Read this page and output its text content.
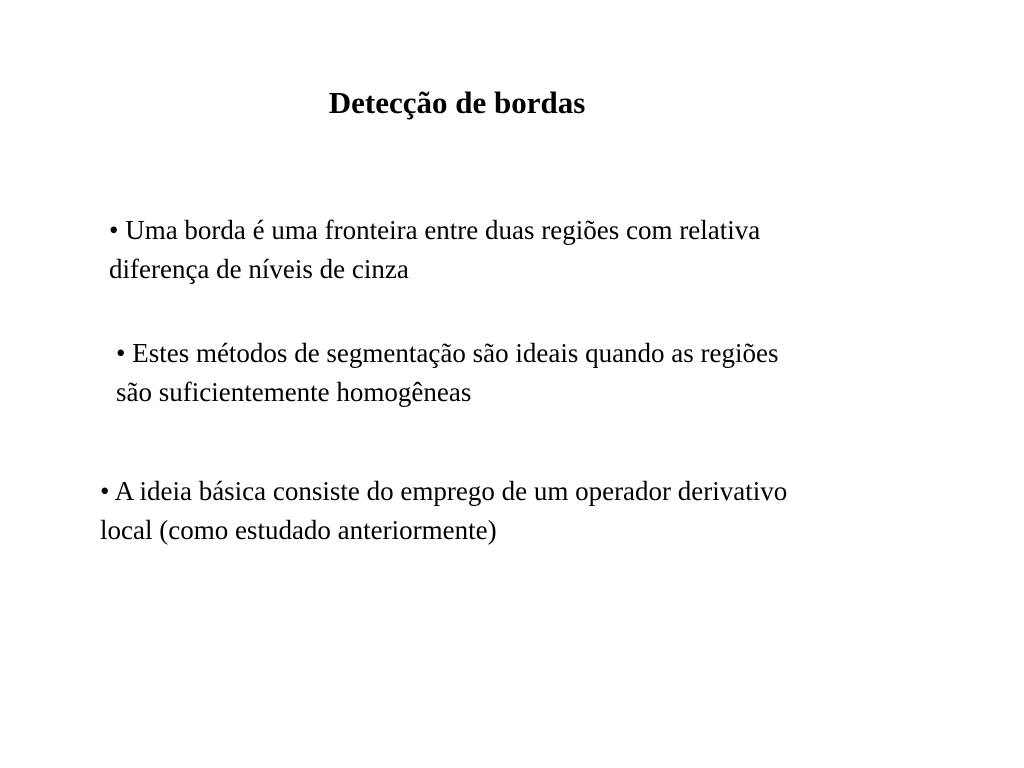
Detecção de bordas

• Uma borda é uma fronteira entre duas regiões com relativa
diferença de níveis de cinza

• Estes métodos de segmentação são ideais quando as regiões
são suficientemente homogêneas

• A ideia básica consiste do emprego de um operador derivativo
local (como estudado anteriormente)
